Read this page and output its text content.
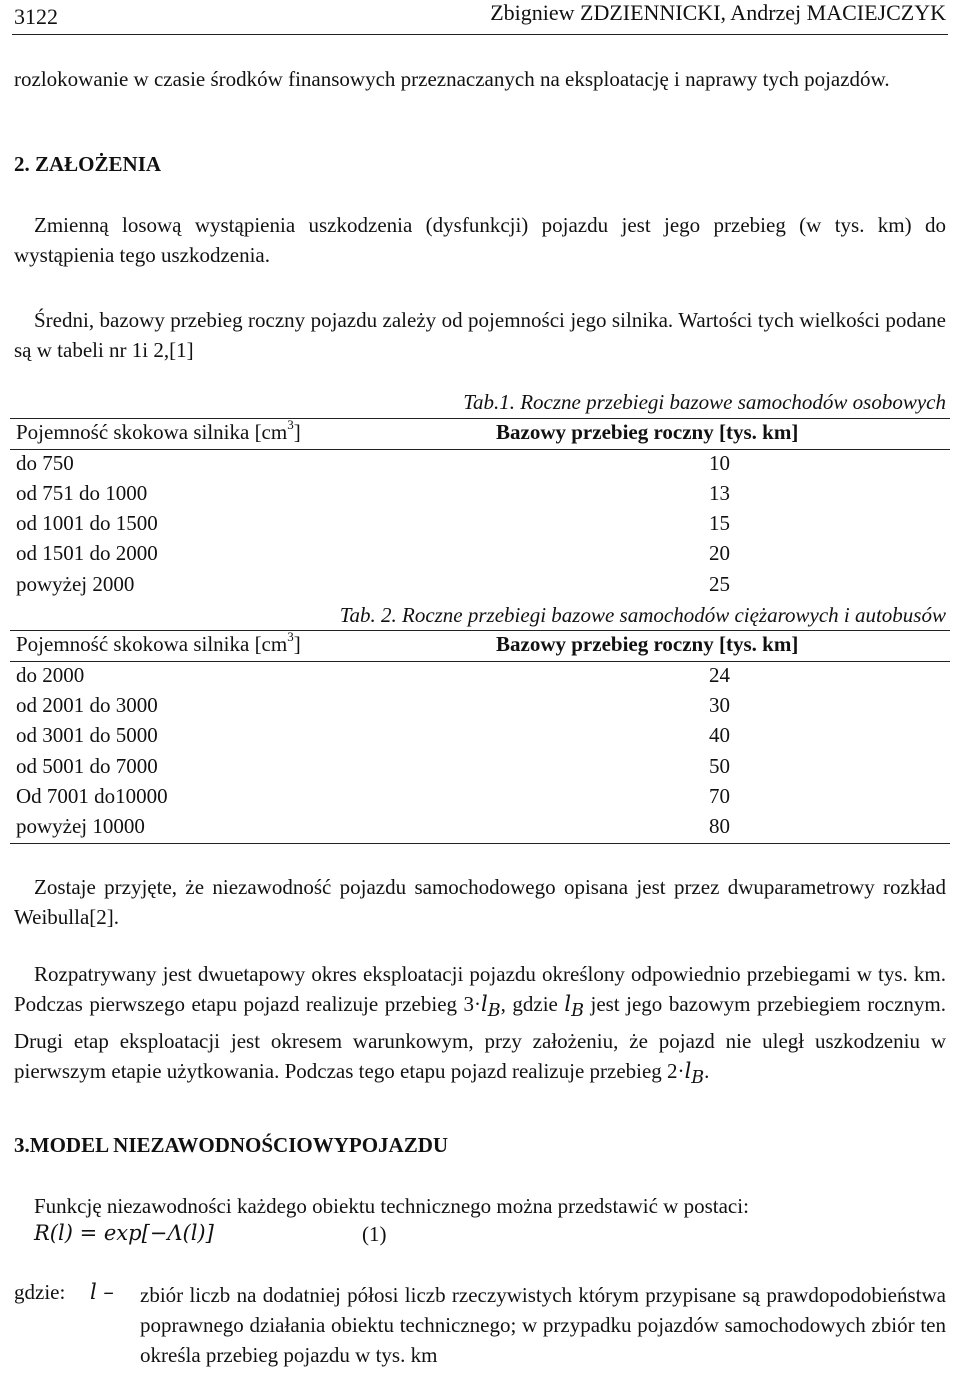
3122	Zbigniew ZDZIENNICKI, Andrzej MACIEJCZYK
rozlokowanie w czasie środków finansowych przeznaczanych na eksploatację i naprawy tych pojazdów.
2. ZAŁOŻENIA
Zmienną losową wystąpienia uszkodzenia (dysfunkcji) pojazdu jest jego przebieg (w tys. km) do wystąpienia tego uszkodzenia.
Średni, bazowy przebieg roczny pojazdu zależy od pojemności jego silnika. Wartości tych wielkości podane są w tabeli nr 1i 2,[1]
Tab.1. Roczne przebiegi bazowe samochodów osobowych
Pojemność skokowa silnika $[cm^3]$	Bazowy przebieg roczny [tys. km]
do 750	10
od 751 do 1000	13
od 1001 do 1500	15
od 1501 do 2000	20
powyżej 2000	25
Tab. 2. Roczne przebiegi bazowe samochodów ciężarowych i autobusów
Pojemność skokowa silnika $[cm^3]$	Bazowy przebieg roczny [tys. km]
do 2000	24
od 2001 do 3000	30
od 3001 do 5000	40
od 5001 do 7000	50
Od 7001 do10000	70
powyżej 10000	80
Zostaje przyjęte, że niezawodność pojazdu samochodowego opisana jest przez dwuparametrowy rozkład Weibulla[2].
Rozpatrywany jest dwuetapowy okres eksploatacji pojazdu określony odpowiednio przebiegami w tys. km. Podczas pierwszego etapu pojazd realizuje przebieg $3\cdot l_B$, gdzie $l_B$ jest jego bazowym przebiegiem rocznym. Drugi etap eksploatacji jest okresem warunkowym, przy założeniu, że pojazd nie uległ uszkodzeniu w pierwszym etapie użytkowania. Podczas tego etapu pojazd realizuje przebieg $2\cdot l_B$.
3.MODEL NIEZAWODNOŚCIOWYPOJAZDU
Funkcję niezawodności każdego obiektu technicznego można przedstawić w postaci:
R(l) = exp[−Λ(l)]	(1)
gdzie: l –	zbiór liczb na dodatniej półosi liczb rzeczywistych którym przypisane są prawdopodobieństwa poprawnego działania obiektu technicznego; w przypadku pojazdów samochodowych zbiór ten określa przebieg pojazdu w tys. km
